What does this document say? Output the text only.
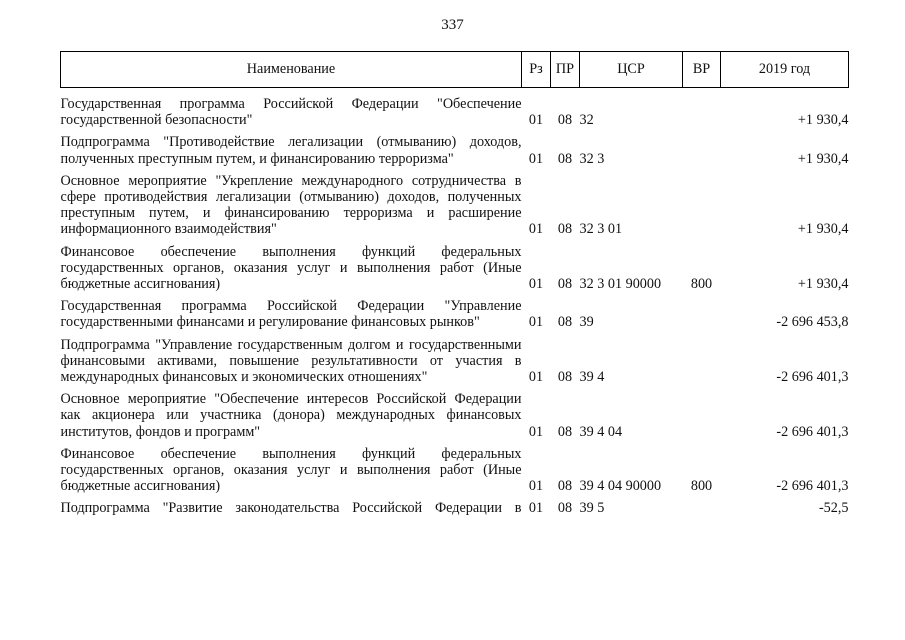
337
Наименование	Рз	ПР	ЦСР	ВР	2019 год

Государственная программа Российской Федерации "Обеспечение государственной безопасности"	01	08	32		+1 930,4
Подпрограмма "Противодействие легализации (отмыванию) доходов, полученных преступным путем, и финансированию терроризма"	01	08	32 3		+1 930,4
Основное мероприятие "Укрепление международного сотрудничества в сфере противодействия легализации (отмыванию) доходов, полученных преступным путем, и финансированию терроризма и расширение информационного взаимодействия"	01	08	32 3 01		+1 930,4
Финансовое обеспечение выполнения функций федеральных государственных органов, оказания услуг и выполнения работ (Иные бюджетные ассигнования)	01	08	32 3 01 90000	800	+1 930,4
Государственная программа Российской Федерации "Управление государственными финансами и регулирование финансовых рынков"	01	08	39		-2 696 453,8
Подпрограмма "Управление государственным долгом и государственными финансовыми активами, повышение результативности от участия в международных финансовых и экономических отношениях"	01	08	39 4		-2 696 401,3
Основное мероприятие "Обеспечение интересов Российской Федерации как акционера или участника (донора) международных финансовых институтов, фондов и программ"	01	08	39 4 04		-2 696 401,3
Финансовое обеспечение выполнения функций федеральных государственных органов, оказания услуг и выполнения работ (Иные бюджетные ассигнования)	01	08	39 4 04 90000	800	-2 696 401,3
Подпрограмма "Развитие законодательства Российской Федерации в	01	08	39 5		-52,5
